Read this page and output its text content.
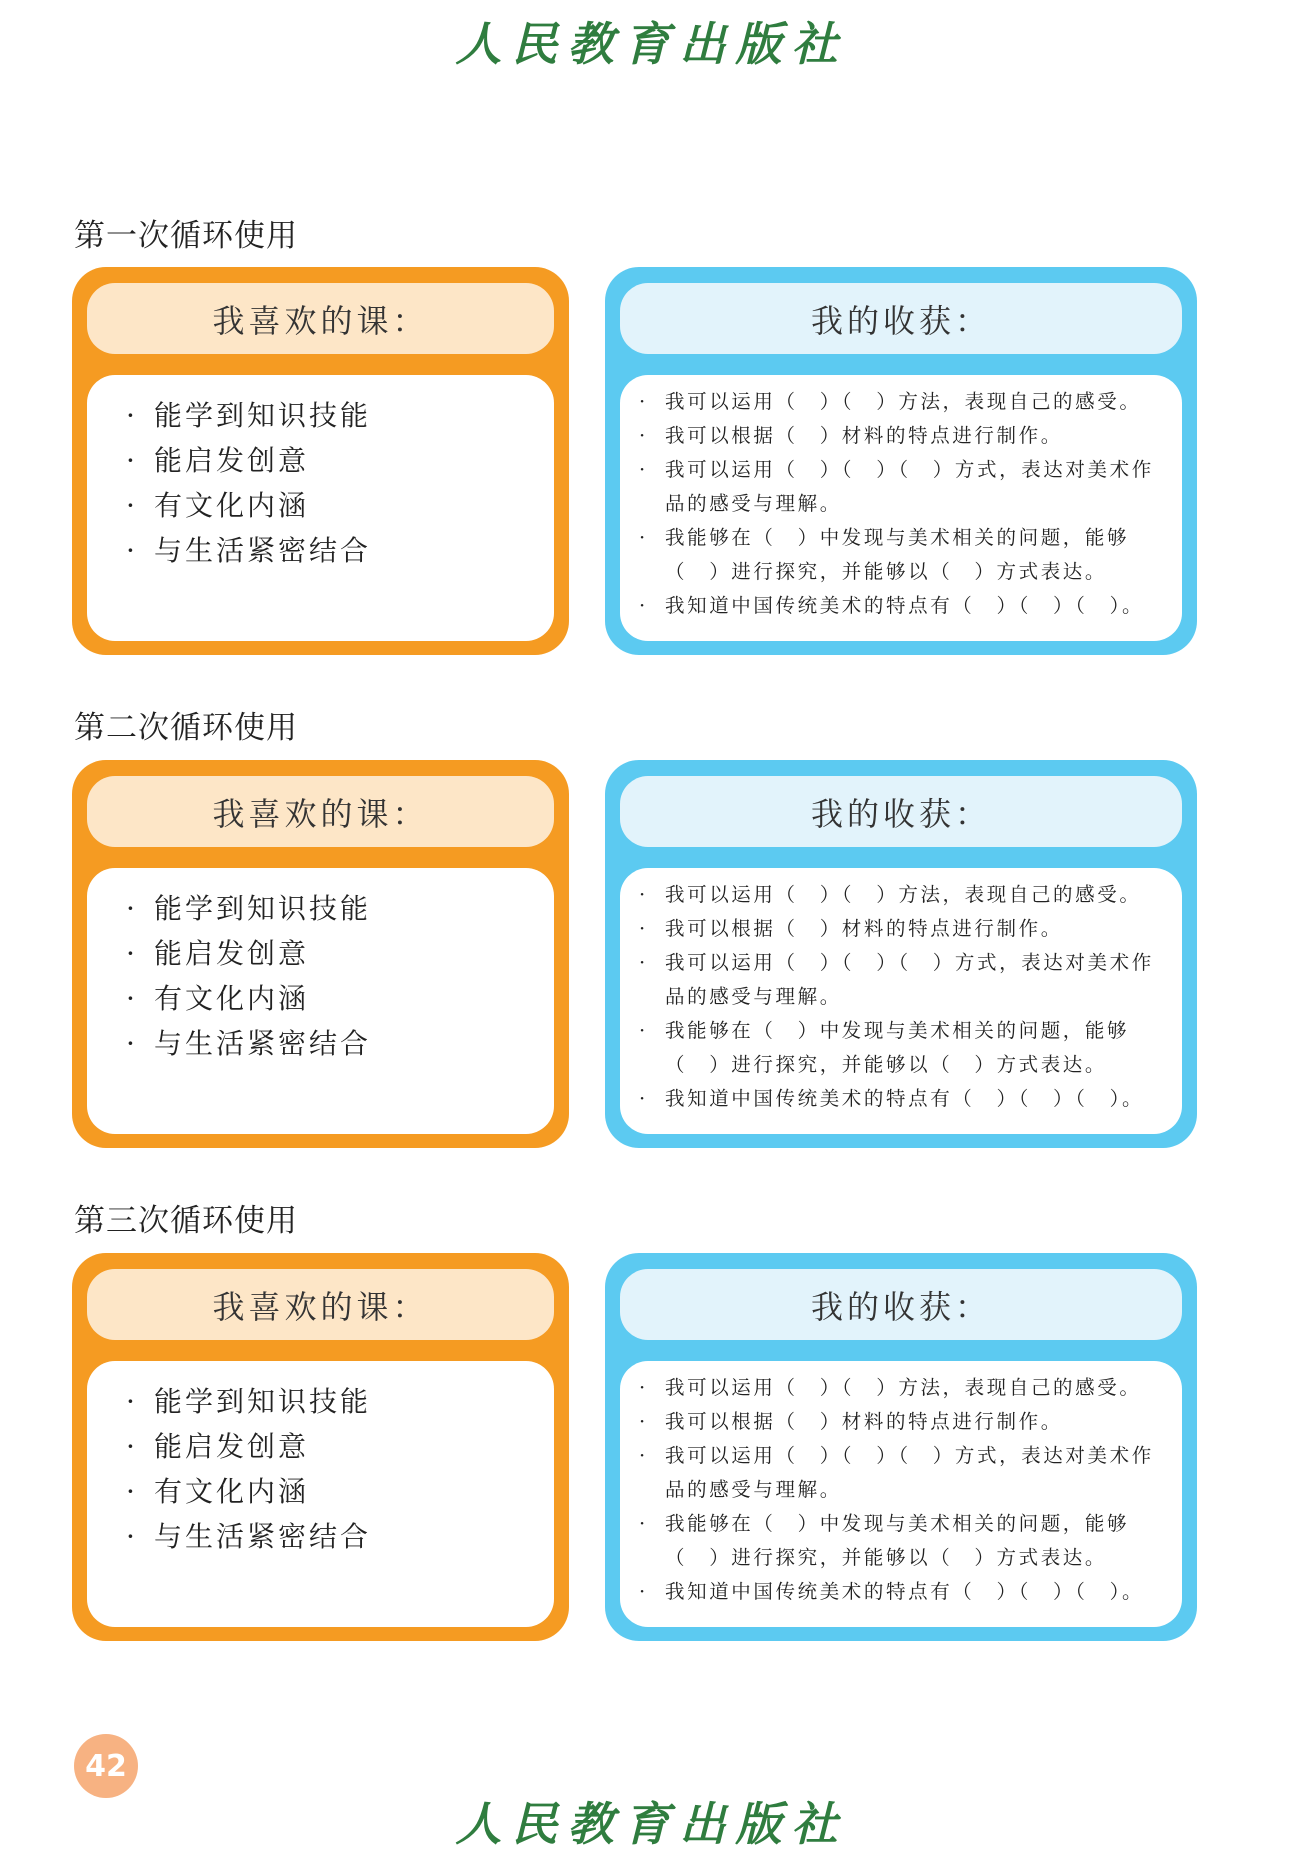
人民教育出版社
第一次循环使用
我喜欢的课：
· 能学到知识技能
· 能启发创意
· 有文化内涵
· 与生活紧密结合
我的收获：
· 我可以运用（　）（　）方法，表现自己的感受。
· 我可以根据（　）材料的特点进行制作。
· 我可以运用（　）（　）（　）方式，表达对美术作品的感受与理解。
· 我能够在（　）中发现与美术相关的问题，能够（　）进行探究，并能够以（　）方式表达。
· 我知道中国传统美术的特点有（　）（　）（　）。
第二次循环使用
我喜欢的课：
· 能学到知识技能
· 能启发创意
· 有文化内涵
· 与生活紧密结合
我的收获：
· 我可以运用（　）（　）方法，表现自己的感受。
· 我可以根据（　）材料的特点进行制作。
· 我可以运用（　）（　）（　）方式，表达对美术作品的感受与理解。
· 我能够在（　）中发现与美术相关的问题，能够（　）进行探究，并能够以（　）方式表达。
· 我知道中国传统美术的特点有（　）（　）（　）。
第三次循环使用
我喜欢的课：
· 能学到知识技能
· 能启发创意
· 有文化内涵
· 与生活紧密结合
我的收获：
· 我可以运用（　）（　）方法，表现自己的感受。
· 我可以根据（　）材料的特点进行制作。
· 我可以运用（　）（　）（　）方式，表达对美术作品的感受与理解。
· 我能够在（　）中发现与美术相关的问题，能够（　）进行探究，并能够以（　）方式表达。
· 我知道中国传统美术的特点有（　）（　）（　）。
42
人民教育出版社
